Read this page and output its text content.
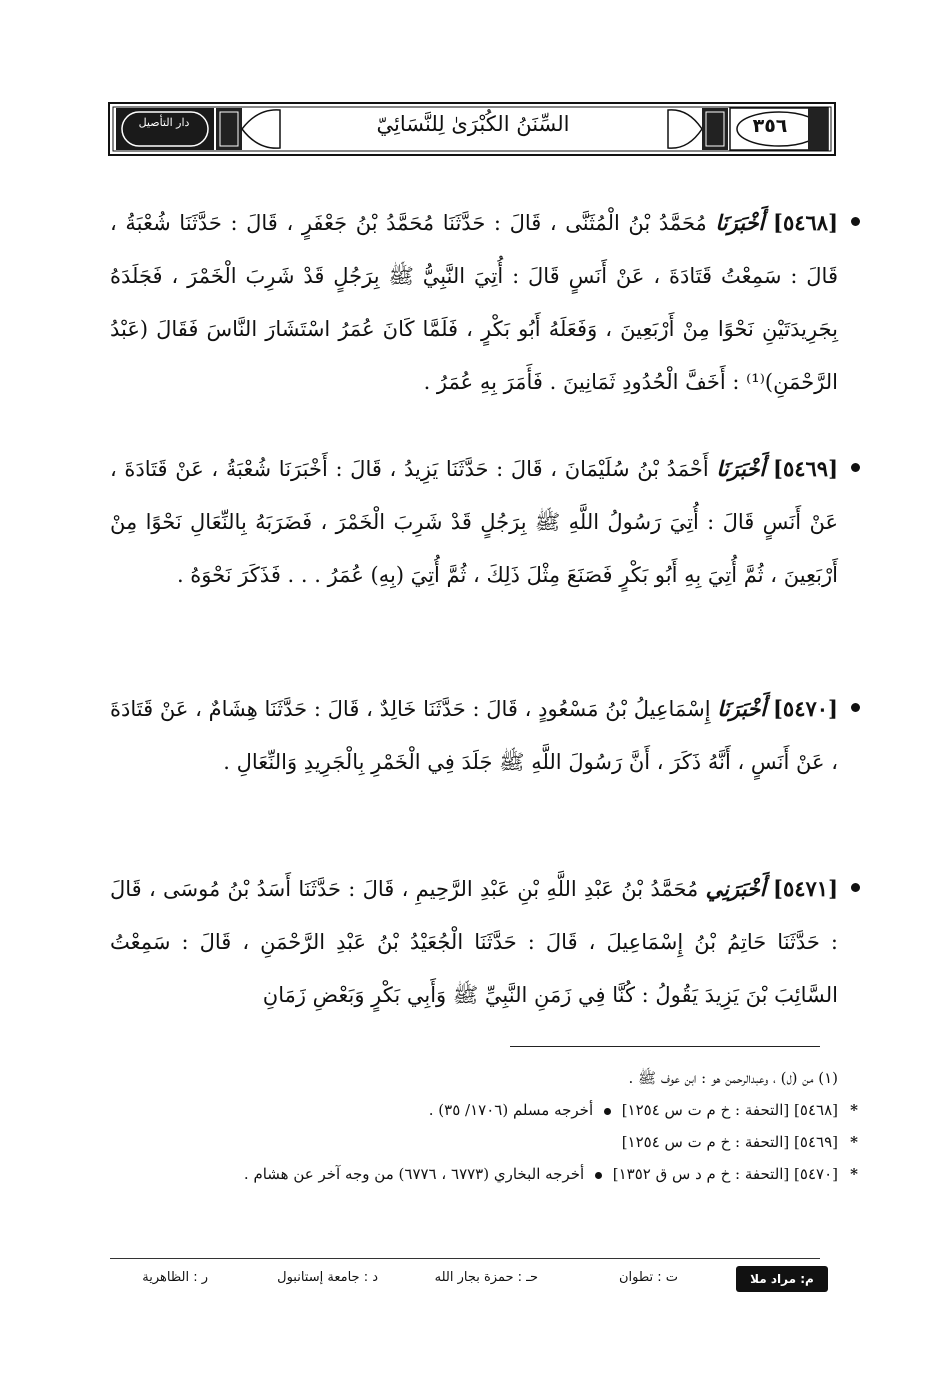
دار التأصيل	السِّنَنُ الكُبْرَىٰ لِلنَّسَائِيّ	٣٥٦

[٥٤٦٨] أَخْبَرَنَا مُحَمَّدُ بْنُ الْمُثَنَّى ، قَالَ : حَدَّثَنَا مُحَمَّدُ بْنُ جَعْفَرٍ ، قَالَ : حَدَّثَنَا شُعْبَةُ ، قَالَ : سَمِعْتُ قَتَادَةَ ، عَنْ أَنَسٍ قَالَ : أُتِيَ النَّبِيُّ ﷺ بِرَجُلٍ قَدْ شَرِبَ الْخَمْرَ ، فَجَلَدَهُ بِجَرِيدَتَيْنِ نَحْوًا مِنْ أَرْبَعِينَ ، وَفَعَلَهُ أَبُو بَكْرٍ ، فَلَمَّا كَانَ عُمَرُ اسْتَشَارَ النَّاسَ فَقَالَ (عَبْدُ الرَّحْمَنِ)⁽¹⁾ : أَخَفَّ الْحُدُودِ ثَمَانِينَ . فَأَمَرَ بِهِ عُمَرُ .

[٥٤٦٩] أَخْبَرَنَا أَحْمَدُ بْنُ سُلَيْمَانَ ، قَالَ : حَدَّثَنَا يَزِيدُ ، قَالَ : أَخْبَرَنَا شُعْبَةُ ، عَنْ قَتَادَةَ ، عَنْ أَنَسٍ قَالَ : أُتِيَ رَسُولُ اللَّهِ ﷺ بِرَجُلٍ قَدْ شَرِبَ الْخَمْرَ ، فَضَرَبَهُ بِالنِّعَالِ نَحْوًا مِنْ أَرْبَعِينَ ، ثُمَّ أُتِيَ بِهِ أَبُو بَكْرٍ فَصَنَعَ مِثْلَ ذَلِكَ ، ثُمَّ أُتِيَ (بِهِ) عُمَرُ . . . فَذَكَرَ نَحْوَهُ .

[٥٤٧٠] أَخْبَرَنَا إِسْمَاعِيلُ بْنُ مَسْعُودٍ ، قَالَ : حَدَّثَنَا خَالِدٌ ، قَالَ : حَدَّثَنَا هِشَامٌ ، عَنْ قَتَادَةَ ، عَنْ أَنَسٍ ، أَنَّهُ ذَكَرَ ، أَنَّ رَسُولَ اللَّهِ ﷺ جَلَدَ فِي الْخَمْرِ بِالْجَرِيدِ وَالنِّعَالِ .

[٥٤٧١] أَخْبَرَنِي مُحَمَّدُ بْنُ عَبْدِ اللَّهِ بْنِ عَبْدِ الرَّحِيمِ ، قَالَ : حَدَّثَنَا أَسَدُ بْنُ مُوسَى ، قَالَ : حَدَّثَنَا حَاتِمُ بْنُ إِسْمَاعِيلَ ، قَالَ : حَدَّثَنَا الْجُعَيْدُ بْنُ عَبْدِ الرَّحْمَنِ ، قَالَ : سَمِعْتُ السَّائِبَ بْنَ يَزِيدَ يَقُولُ : كُنَّا فِي زَمَنِ النَّبِيِّ ﷺ وَأَبِي بَكْرٍ وَبَعْضِ زَمَانِ

(١) من (ل) ، وعبدالرحمن هو : ابن عوف ﷺ .

*
[٥٤٦٨] [التحفة : خ م ت س ١٢٥٤]  أخرجه مسلم (١٧٠٦/ ٣٥) .

*
[٥٤٦٩] [التحفة : خ م ت س ١٢٥٤]

*
[٥٤٧٠] [التحفة : خ م د س ق ١٣٥٢]  أخرجه البخاري (٦٧٧٣ ، ٦٧٧٦) من وجه آخر عن هشام .

م: مراد ملا
ت : تطوان
حـ : حمزة بجار الله
د : جامعة إستانبول
ر : الظاهرية
